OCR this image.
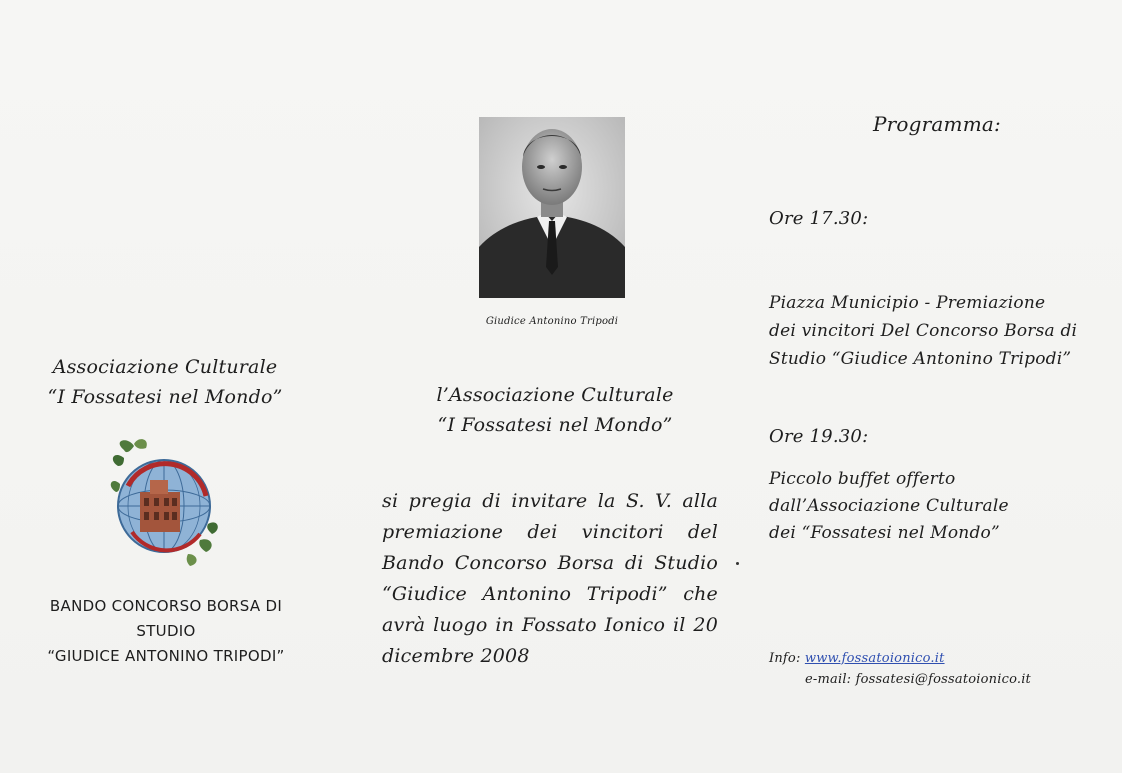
Associazione Culturale
“I Fossatesi nel Mondo”
BANDO CONCORSO BORSA DI
STUDIO
“GIUDICE ANTONINO TRIPODI”
Giudice Antonino Tripodi
l’Associazione Culturale
“I Fossatesi nel Mondo”
si pregia di invitare la S. V. alla premiazione dei vincitori del Bando Concorso Borsa di Studio “Giudice Antonino Tripodi” che avrà luogo in Fossato Ionico il 20 dicembre 2008
Programma:
Ore 17.30:
Piazza Municipio - Premiazione
dei vincitori Del Concorso Borsa di
Studio “Giudice Antonino Tripodi”
Ore 19.30:
Piccolo buffet offerto
dall’Associazione Culturale
dei “Fossatesi nel Mondo”
Info: www.fossatoionico.it
e-mail: fossatesi@fossatoionico.it
